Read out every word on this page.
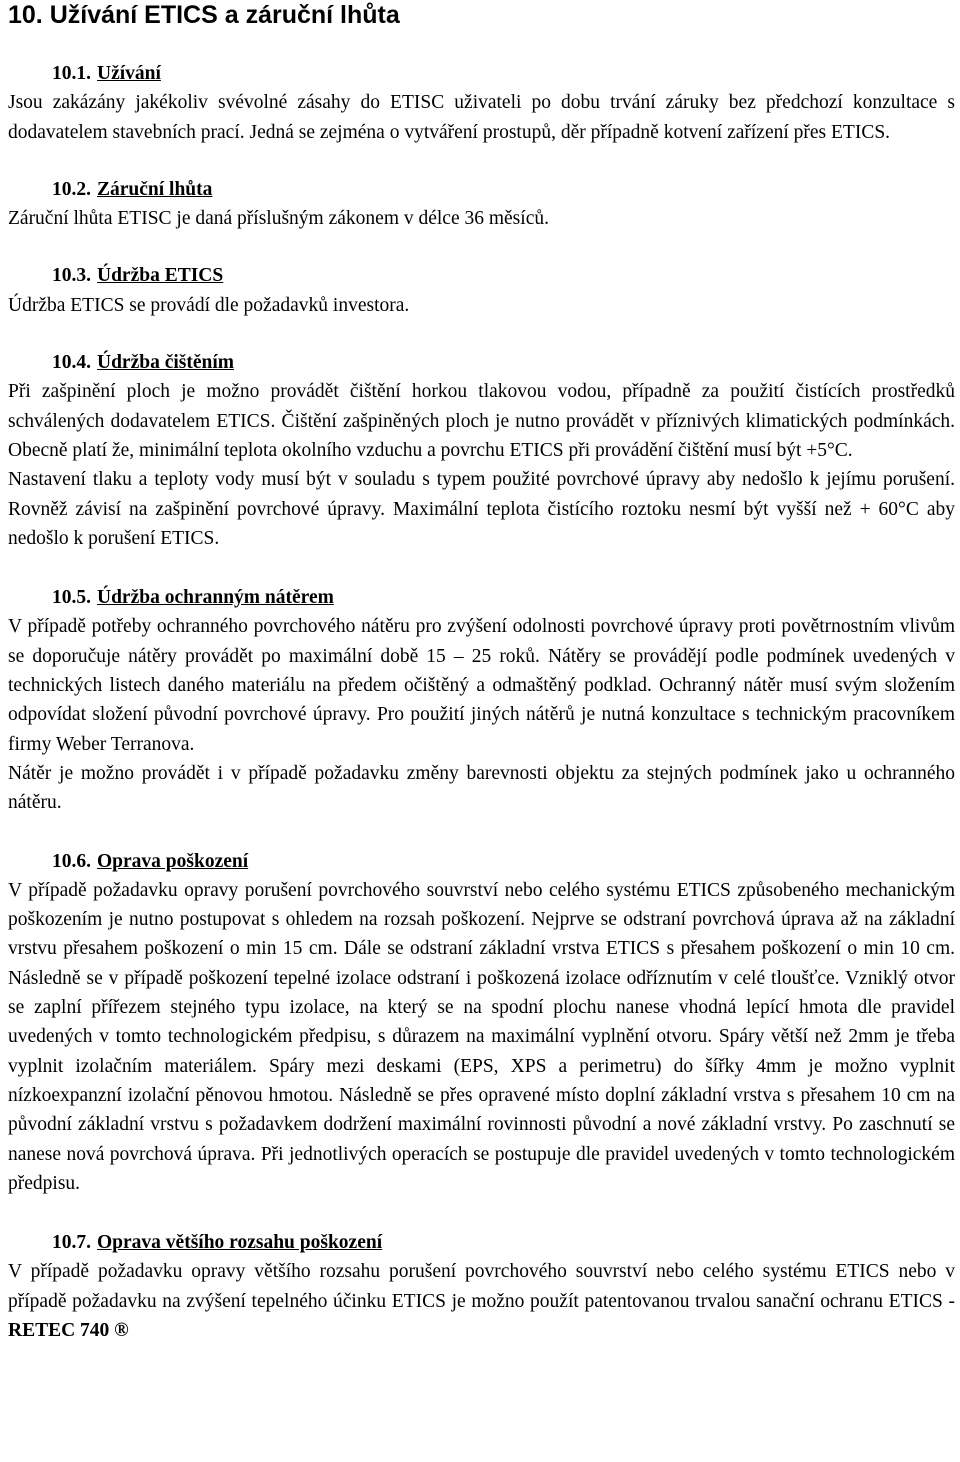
10. Užívání ETICS a záruční lhůta
10.1. Užívání

Jsou zakázány jakékoliv svévolné zásahy do ETISC uživateli po dobu trvání záruky bez předchozí konzultace s dodavatelem stavebních prací. Jedná se zejména o vytváření prostupů, děr případně kotvení zařízení přes ETICS.

10.2. Záruční lhůta

Záruční lhůta ETISC je daná příslušným zákonem v délce 36 měsíců.

10.3. Údržba ETICS

Údržba ETICS se provádí dle požadavků investora.

10.4. Údržba čištěním

Při zašpinění ploch je možno provádět čištění horkou tlakovou vodou, případně za použití čistících prostředků schválených dodavatelem ETICS. Čištění zašpiněných ploch je nutno provádět v příznivých klimatických podmínkách. Obecně platí že, minimální teplota okolního vzduchu a povrchu ETICS při provádění čištění musí být +5°C.

Nastavení tlaku a teploty vody musí být v souladu s typem použité povrchové úpravy aby nedošlo k jejímu porušení. Rovněž závisí na zašpinění povrchové úpravy. Maximální teplota čistícího roztoku nesmí být vyšší než + 60°C aby nedošlo k porušení ETICS.

10.5. Údržba ochranným nátěrem

V případě potřeby ochranného povrchového nátěru pro zvýšení odolnosti povrchové úpravy proti povětrnostním vlivům se doporučuje nátěry provádět po maximální době 15 – 25 roků. Nátěry se provádějí podle podmínek uvedených v technických listech daného materiálu na předem očištěný a odmaštěný podklad. Ochranný nátěr musí svým složením odpovídat složení původní povrchové úpravy. Pro použití jiných nátěrů je nutná konzultace s technickým pracovníkem firmy Weber Terranova.

Nátěr je možno provádět i v případě požadavku změny barevnosti objektu za stejných podmínek jako u ochranného nátěru.

10.6. Oprava poškození

V případě požadavku opravy porušení povrchového souvrství nebo celého systému ETICS způsobeného mechanickým poškozením je nutno postupovat s ohledem na rozsah poškození. Nejprve se odstraní povrchová úprava až na základní vrstvu přesahem poškození o min 15 cm. Dále se odstraní základní vrstva ETICS s přesahem poškození o min 10 cm. Následně se v případě poškození tepelné izolace odstraní i poškozená izolace odříznutím v celé tloušťce. Vzniklý otvor se zaplní přířezem stejného typu izolace, na který se na spodní plochu nanese vhodná lepící hmota dle pravidel uvedených v tomto technologickém předpisu, s důrazem na maximální vyplnění otvoru. Spáry větší než 2mm je třeba vyplnit izolačním materiálem. Spáry mezi deskami (EPS, XPS a perimetru) do šířky 4mm je možno vyplnit nízkoexpanzní izolační pěnovou hmotou. Následně se přes opravené místo doplní základní vrstva s přesahem 10 cm na původní základní vrstvu s požadavkem dodržení maximální rovinnosti původní a nové základní vrstvy. Po zaschnutí se nanese nová povrchová úprava. Při jednotlivých operacích se postupuje dle pravidel uvedených v tomto technologickém předpisu.

10.7. Oprava většího rozsahu poškození

V případě požadavku opravy většího rozsahu porušení povrchového souvrství nebo celého systému ETICS nebo v případě požadavku na zvýšení tepelného účinku ETICS je možno použít patentovanou trvalou sanační ochranu ETICS - RETEC 740 ®
